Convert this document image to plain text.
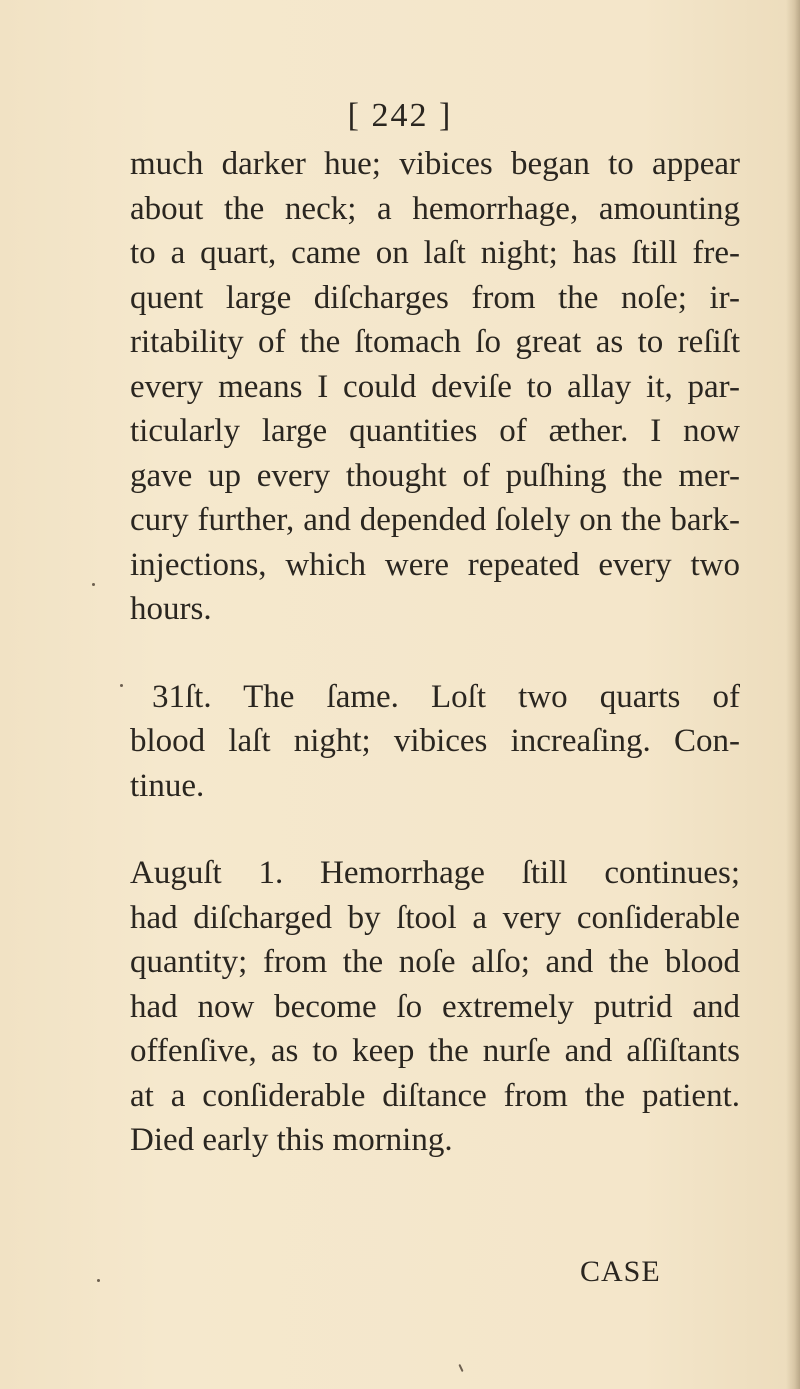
[ 242 ]
much darker hue; vibices began to appear
about the neck; a hemorrhage, amounting
to a quart, came on laſt night; has ſtill fre-
quent large diſcharges from the noſe; ir-
ritability of the ſtomach ſo great as to reſiſt
every means I could deviſe to allay it, par-
ticularly large quantities of æther. I now
gave up every thought of puſhing the mer-
cury further, and depended ſolely on the bark-
injections, which were repeated every two
hours.
31ſt. The ſame. Loſt two quarts of
blood laſt night; vibices increaſing. Con-
tinue.
Auguſt 1. Hemorrhage ſtill continues;
had diſcharged by ſtool a very conſiderable
quantity; from the noſe alſo; and the blood
had now become ſo extremely putrid and
offenſive, as to keep the nurſe and aſſiſtants
at a conſiderable diſtance from the patient.
Died early this morning.
CASE
